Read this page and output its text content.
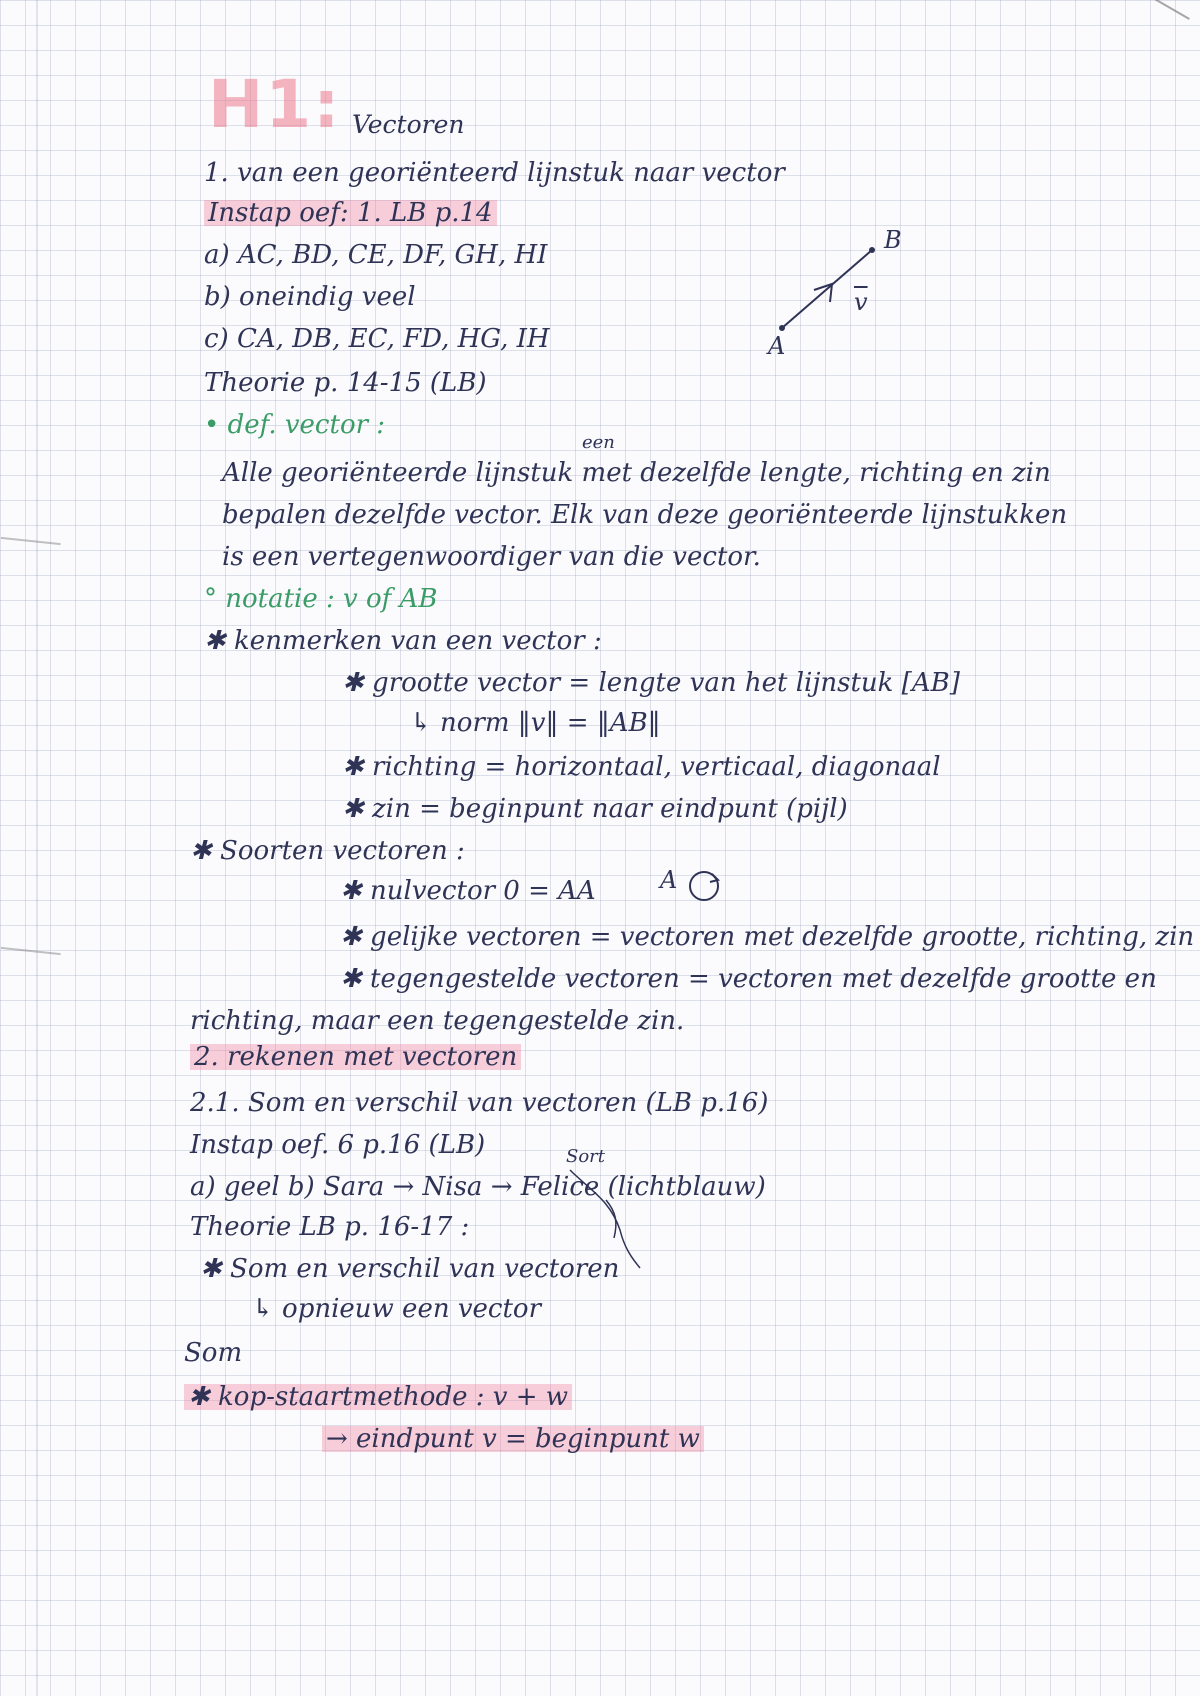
H1: Vectoren
1. van een georiënteerd lijnstuk naar vector
Instap oef: 1. LB p.14
a) AC, BD, CE, DF, GH, HI
b) oneindig veel
c) CA, DB, EC, FD, HG, IH
Theorie p. 14-15 (LB)
• def. vector :
een
Alle georiënteerde lijnstuk met dezelfde lengte, richting en zin
bepalen dezelfde vector. Elk van deze georiënteerde lijnstukken
is een vertegenwoordiger van die vector.
° notatie : v of AB
✱ kenmerken van een vector :
✱ grootte vector = lengte van het lijnstuk [AB]
↳ norm ‖v‖ = ‖AB‖
✱ richting = horizontaal, verticaal, diagonaal
✱ zin = beginpunt naar eindpunt (pijl)
✱ Soorten vectoren :
✱ nulvector 0 = AA
✱ gelijke vectoren = vectoren met dezelfde grootte, richting, zin
✱ tegengestelde vectoren = vectoren met dezelfde grootte en
richting, maar een tegengestelde zin.
2. rekenen met vectoren
2.1. Som en verschil van vectoren (LB p.16)
Instap oef. 6 p.16 (LB)	Sort
a) geel b) Sara → Nisa → Felice (lichtblauw)
Theorie LB p. 16-17 :
✱ Som en verschil van vectoren
↳ opnieuw een vector
Som
✱ kop-staartmethode : v + w
→ eindpunt v = beginpunt w
B
A
$\overline{v}$
A
